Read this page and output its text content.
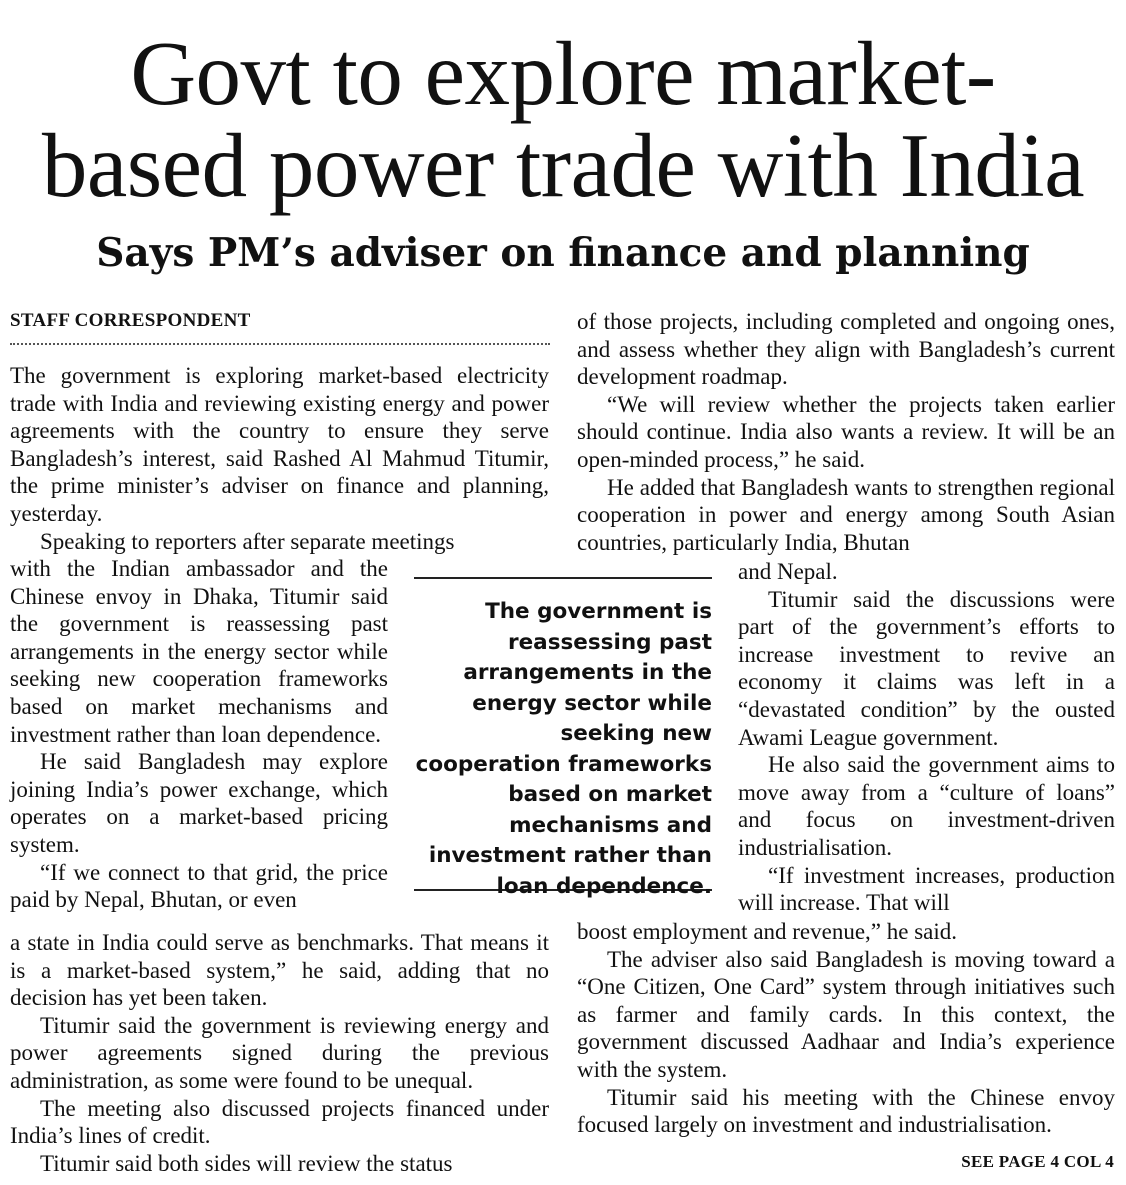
Govt to explore market-
based power trade with India
Says PM’s adviser on finance and planning
STAFF CORRESPONDENT

The government is exploring market-based electricity trade with India and reviewing existing energy and power agreements with the country to ensure they serve Bangladesh’s interest, said Rashed Al Mahmud Titumir, the prime minister’s adviser on finance and planning, yesterday.

Speaking to reporters after separate meetings

with the Indian ambassador and the Chinese envoy in Dhaka, Titumir said the government is reassessing past arrangements in the energy sector while seeking new cooperation frameworks based on market mechanisms and investment rather than loan dependence.

He said Bangladesh may explore joining India’s power exchange, which operates on a market-based pricing system.

“If we connect to that grid, the price paid by Nepal, Bhutan, or even

a state in India could serve as benchmarks. That means it is a market-based system,” he said, adding that no decision has yet been taken.

Titumir said the government is reviewing energy and power agreements signed during the previous administration, as some were found to be unequal.

The meeting also discussed projects financed under India’s lines of credit.

Titumir said both sides will review the status

The government is reassessing past arrangements in the energy sector while seeking new cooperation frameworks based on market mechanisms and investment rather than loan dependence.

of those projects, including completed and ongoing ones, and assess whether they align with Bangladesh’s current development roadmap.

“We will review whether the projects taken earlier should continue. India also wants a review. It will be an open-minded process,” he said.

He added that Bangladesh wants to strengthen regional cooperation in power and energy among South Asian countries, particularly India, Bhutan

and Nepal.

Titumir said the discussions were part of the government’s efforts to increase investment to revive an economy it claims was left in a “devastated condition” by the ousted Awami League government.

He also said the government aims to move away from a “culture of loans” and focus on investment-driven industrialisation.

“If investment increases, production will increase. That will

boost employment and revenue,” he said.

The adviser also said Bangladesh is moving toward a “One Citizen, One Card” system through initiatives such as farmer and family cards. In this context, the government discussed Aadhaar and India’s experience with the system.

Titumir said his meeting with the Chinese envoy focused largely on investment and industrialisation.

SEE PAGE 4 COL 4
